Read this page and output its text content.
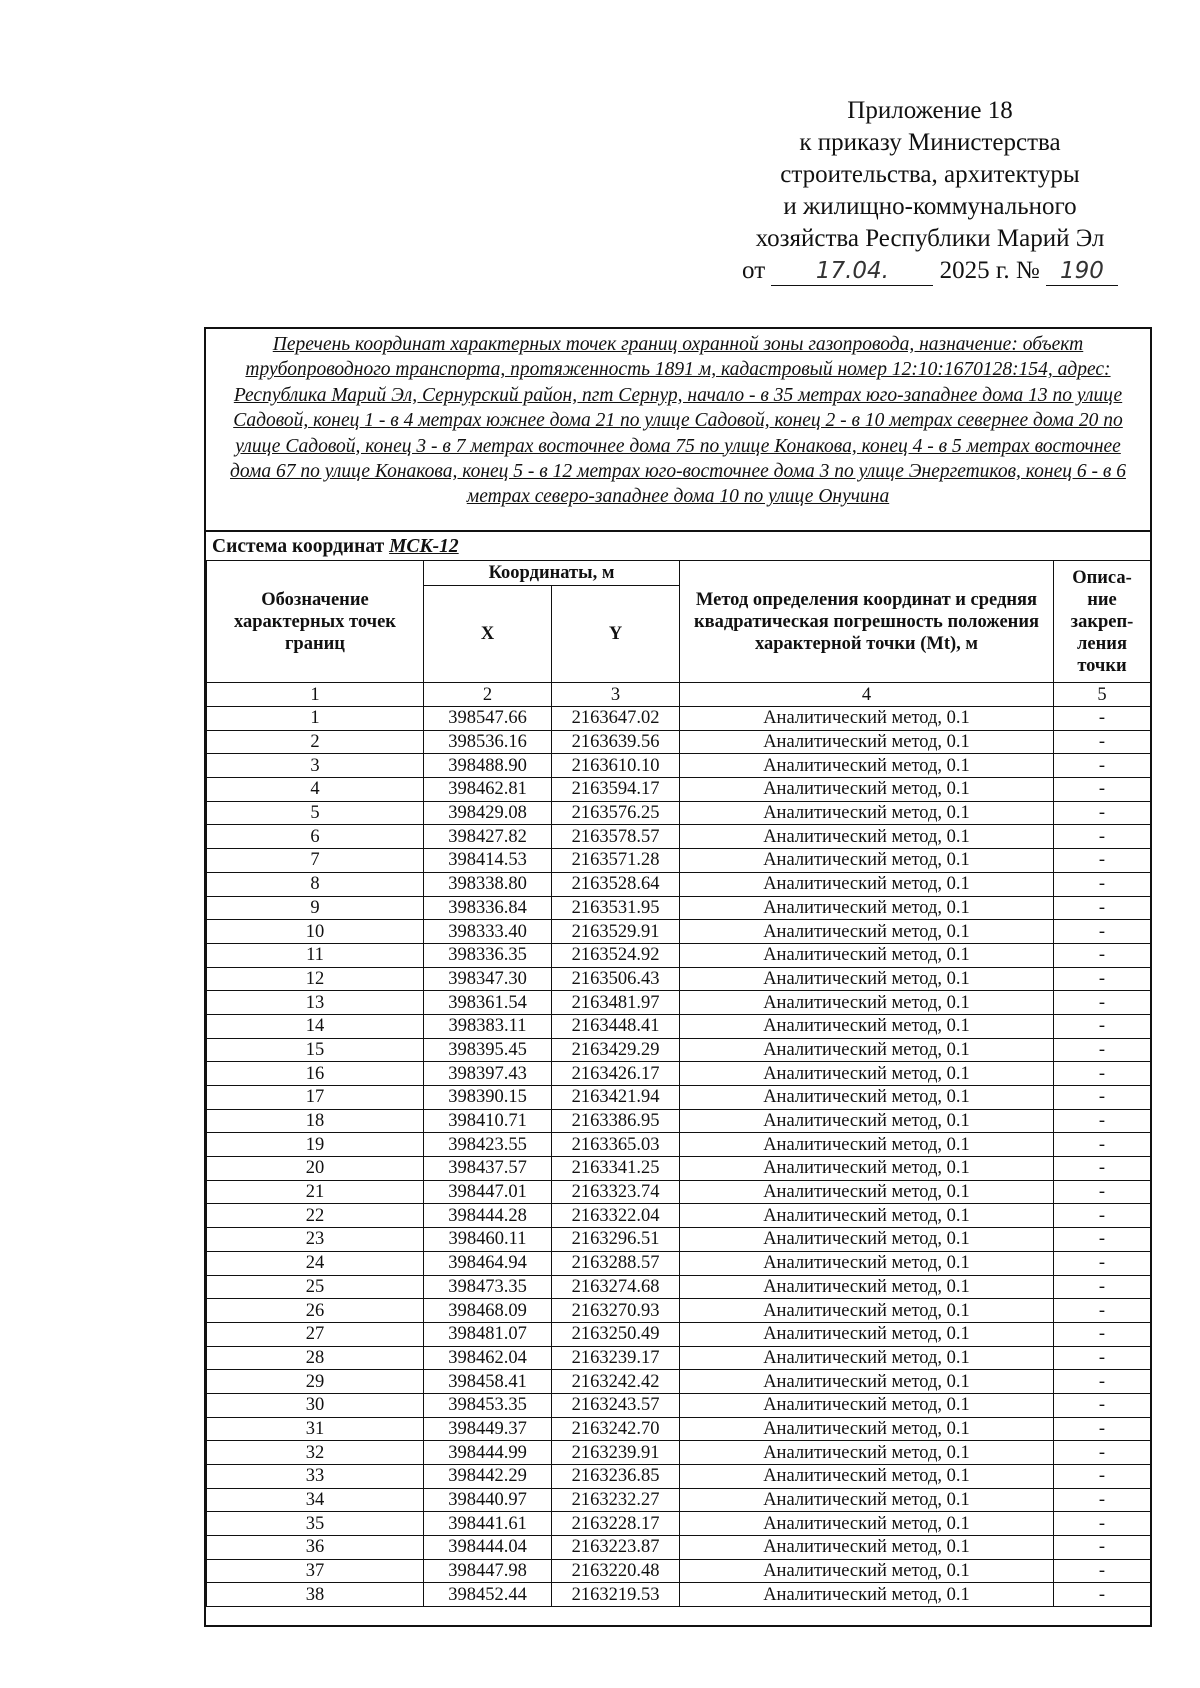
Приложение 18
к приказу Министерства
строительства, архитектуры
и жилищно-коммунального
хозяйства Республики Марий Эл
от 17.04. 2025 г. № 190
Перечень координат характерных точек границ охранной зоны газопровода, назначение: объект трубопроводного транспорта, протяженность 1891 м, кадастровый номер 12:10:1670128:154, адрес: Республика Марий Эл, Сернурский район, пгт Сернур, начало - в 35 метрах юго-западнее дома 13 по улице Садовой, конец 1 - в 4 метрах южнее дома 21 по улице Садовой, конец 2 - в 10 метрах севернее дома 20 по улице Садовой, конец 3 - в 7 метрах восточнее дома 75 по улице Конакова, конец 4 - в 5 метрах восточнее дома 67 по улице Конакова, конец 5 - в 12 метрах юго-восточнее дома 3 по улице Энергетиков, конец 6 - в 6 метрах северо-западнее дома 10 по улице Онучина
Система координат МСК-12
Обозначение характерных точек границ	Координаты, м		Метод определения координат и средняя квадратическая погрешность положения характерной точки (Mt), м	Описа-ние закреп-ления точки
	X	Y		
1	2	3	4	5
1	398547.66	2163647.02	Аналитический метод, 0.1	-
2	398536.16	2163639.56	Аналитический метод, 0.1	-
3	398488.90	2163610.10	Аналитический метод, 0.1	-
4	398462.81	2163594.17	Аналитический метод, 0.1	-
5	398429.08	2163576.25	Аналитический метод, 0.1	-
6	398427.82	2163578.57	Аналитический метод, 0.1	-
7	398414.53	2163571.28	Аналитический метод, 0.1	-
8	398338.80	2163528.64	Аналитический метод, 0.1	-
9	398336.84	2163531.95	Аналитический метод, 0.1	-
10	398333.40	2163529.91	Аналитический метод, 0.1	-
11	398336.35	2163524.92	Аналитический метод, 0.1	-
12	398347.30	2163506.43	Аналитический метод, 0.1	-
13	398361.54	2163481.97	Аналитический метод, 0.1	-
14	398383.11	2163448.41	Аналитический метод, 0.1	-
15	398395.45	2163429.29	Аналитический метод, 0.1	-
16	398397.43	2163426.17	Аналитический метод, 0.1	-
17	398390.15	2163421.94	Аналитический метод, 0.1	-
18	398410.71	2163386.95	Аналитический метод, 0.1	-
19	398423.55	2163365.03	Аналитический метод, 0.1	-
20	398437.57	2163341.25	Аналитический метод, 0.1	-
21	398447.01	2163323.74	Аналитический метод, 0.1	-
22	398444.28	2163322.04	Аналитический метод, 0.1	-
23	398460.11	2163296.51	Аналитический метод, 0.1	-
24	398464.94	2163288.57	Аналитический метод, 0.1	-
25	398473.35	2163274.68	Аналитический метод, 0.1	-
26	398468.09	2163270.93	Аналитический метод, 0.1	-
27	398481.07	2163250.49	Аналитический метод, 0.1	-
28	398462.04	2163239.17	Аналитический метод, 0.1	-
29	398458.41	2163242.42	Аналитический метод, 0.1	-
30	398453.35	2163243.57	Аналитический метод, 0.1	-
31	398449.37	2163242.70	Аналитический метод, 0.1	-
32	398444.99	2163239.91	Аналитический метод, 0.1	-
33	398442.29	2163236.85	Аналитический метод, 0.1	-
34	398440.97	2163232.27	Аналитический метод, 0.1	-
35	398441.61	2163228.17	Аналитический метод, 0.1	-
36	398444.04	2163223.87	Аналитический метод, 0.1	-
37	398447.98	2163220.48	Аналитический метод, 0.1	-
38	398452.44	2163219.53	Аналитический метод, 0.1	-
